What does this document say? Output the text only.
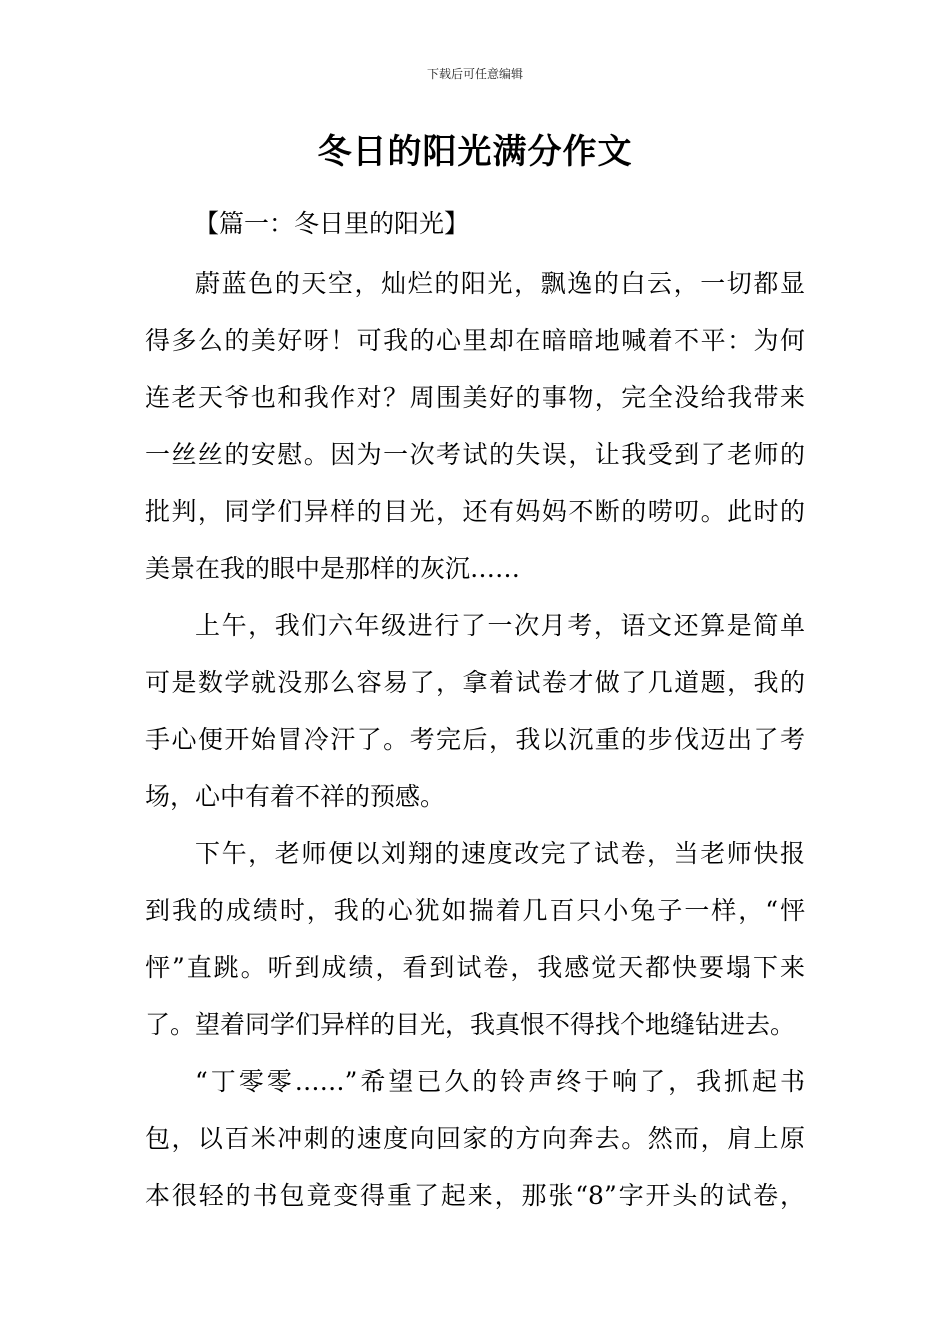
下载后可任意编辑
冬日的阳光满分作文
【篇一：冬日里的阳光】

蔚蓝色的天空，灿烂的阳光，飘逸的白云，一切都显
得多么的美好呀！可我的心里却在暗暗地喊着不平：为何
连老天爷也和我作对？周围美好的事物，完全没给我带来
一丝丝的安慰。因为一次考试的失误，让我受到了老师的
批判，同学们异样的目光，还有妈妈不断的唠叨。此时的
美景在我的眼中是那样的灰沉……

上午，我们六年级进行了一次月考，语文还算是简单
可是数学就没那么容易了，拿着试卷才做了几道题，我的
手心便开始冒冷汗了。考完后，我以沉重的步伐迈出了考
场，心中有着不祥的预感。

下午，老师便以刘翔的速度改完了试卷，当老师快报
到我的成绩时，我的心犹如揣着几百只小兔子一样，“怦
怦”直跳。听到成绩，看到试卷，我感觉天都快要塌下来
了。望着同学们异样的目光，我真恨不得找个地缝钻进去。

“丁零零……”希望已久的铃声终于响了，我抓起书
包，以百米冲刺的速度向回家的方向奔去。然而，肩上原
本很轻的书包竟变得重了起来，那张“8”字开头的试卷，
